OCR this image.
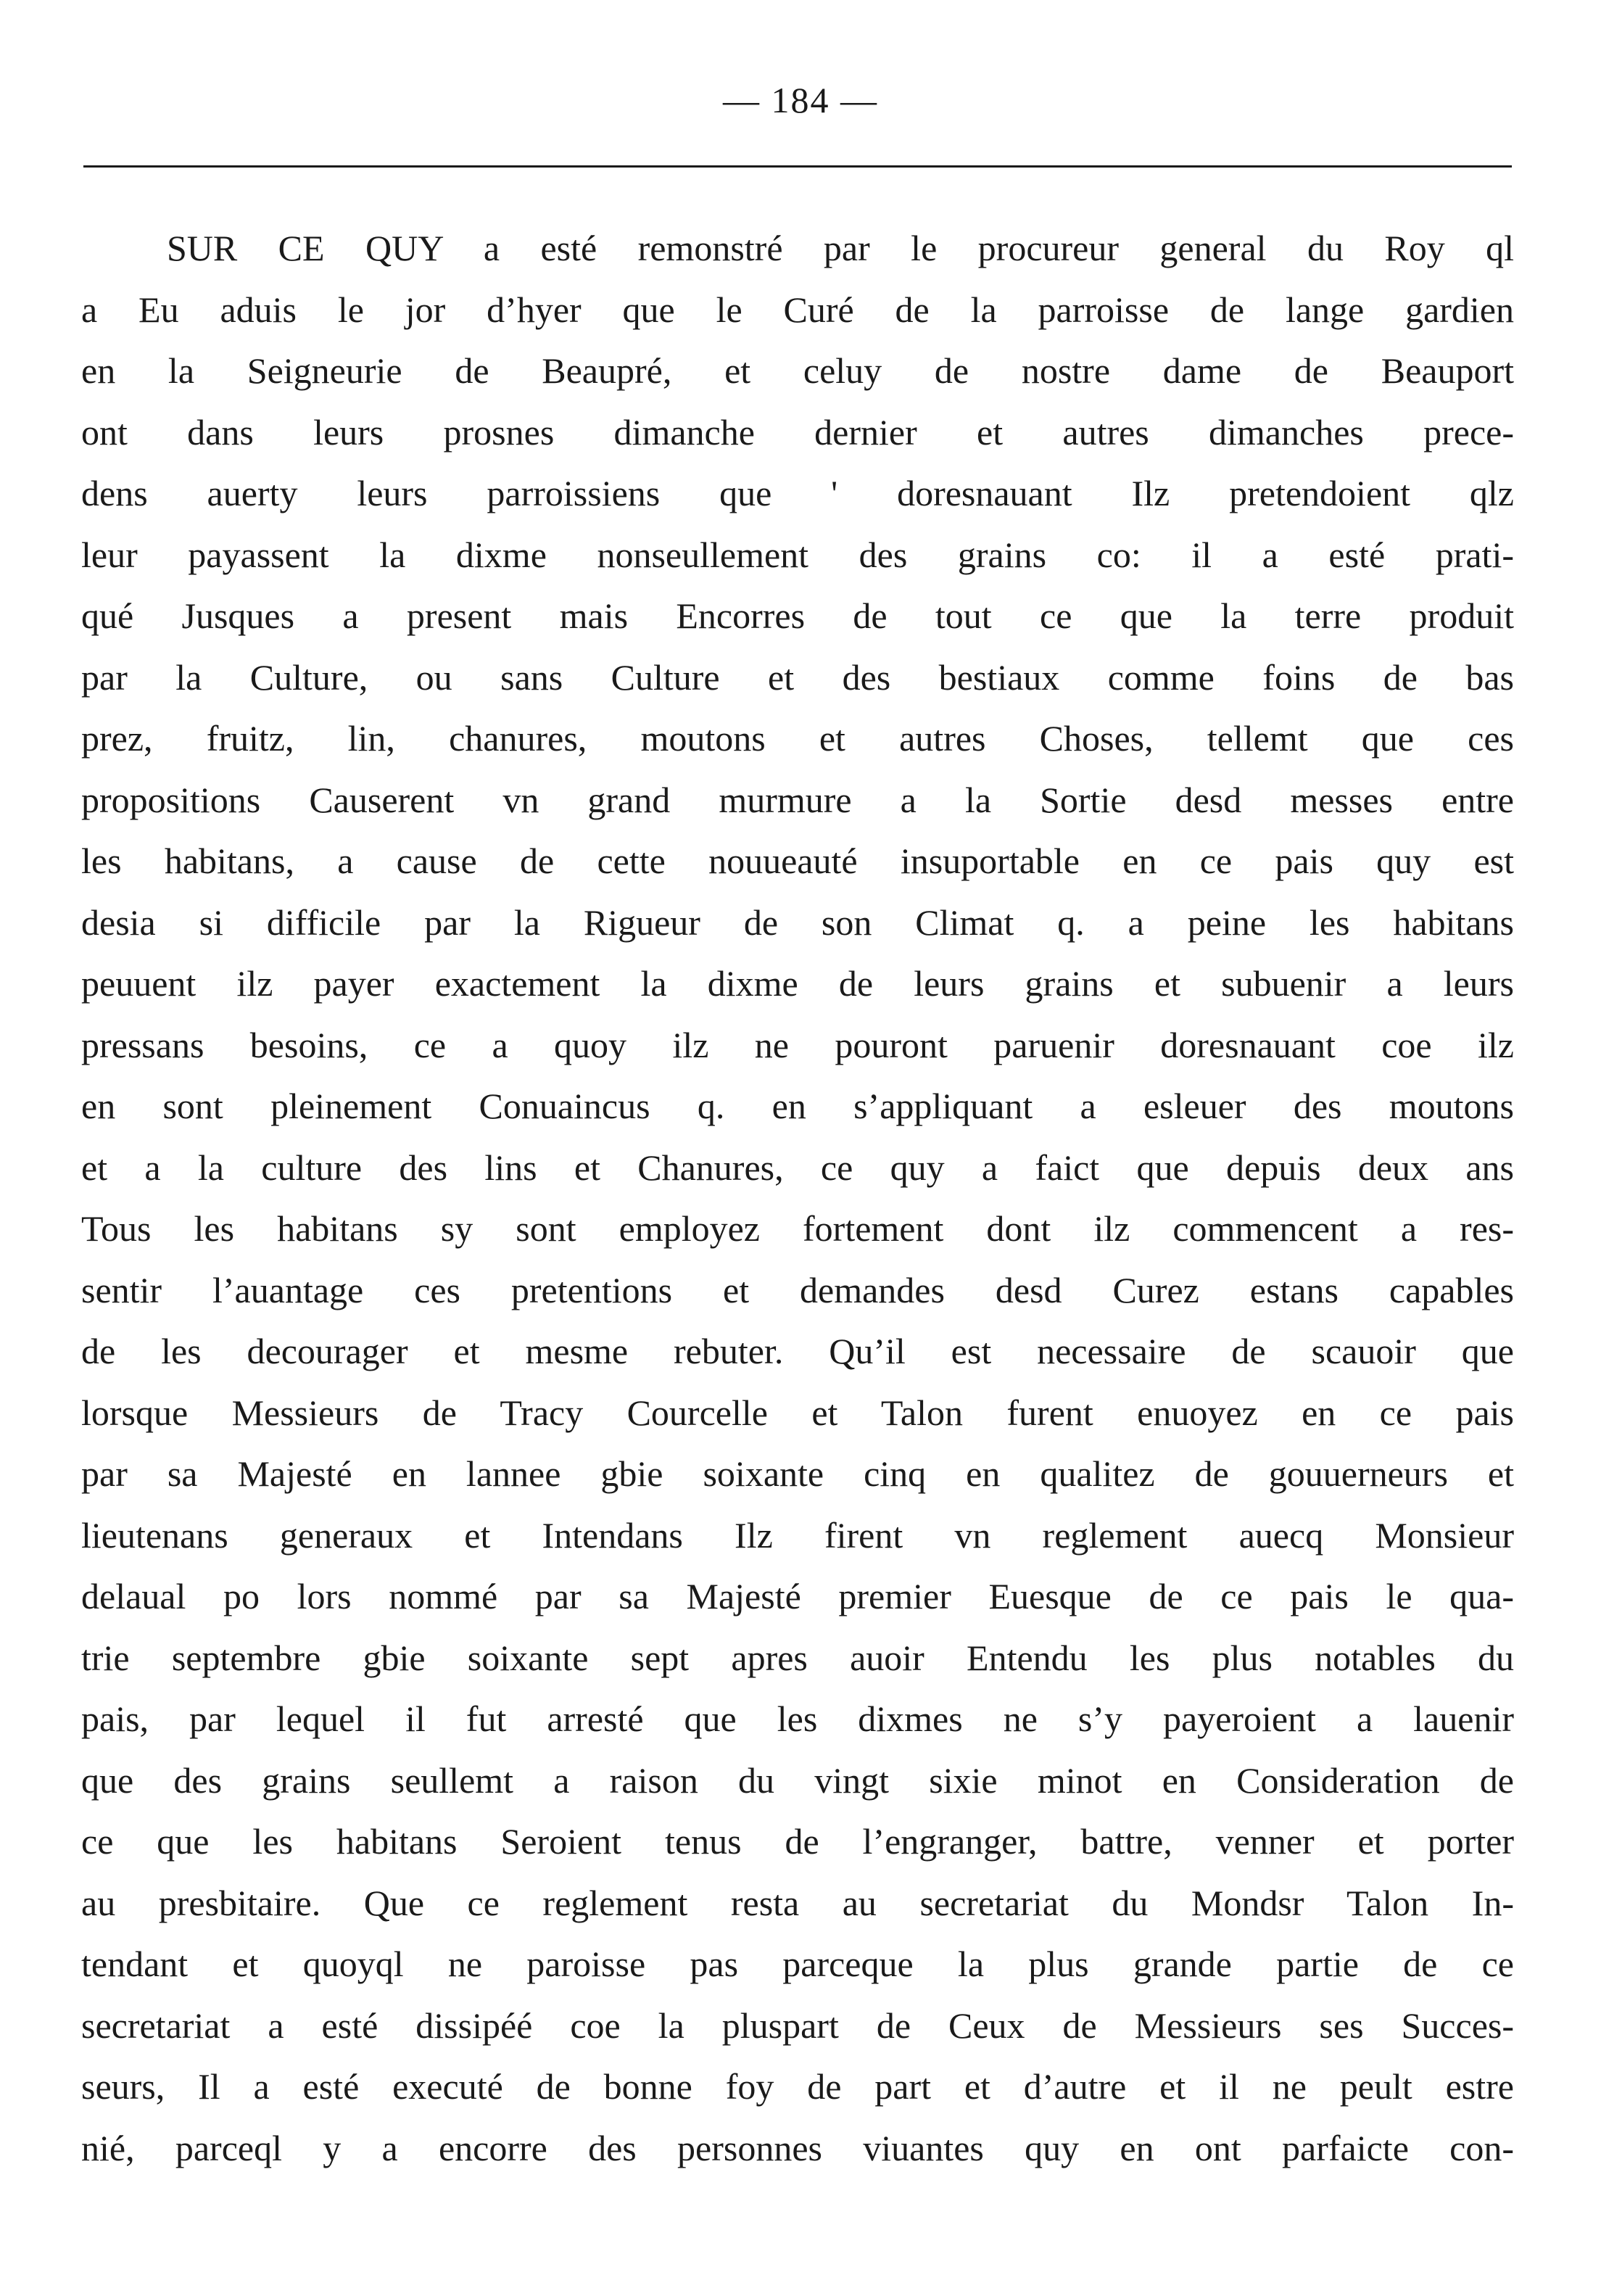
— 184 —
SUR CE QUY a esté remonstré par le procureur general du Roy ql
a Eu aduis le jor d’hyer que le Curé de la parroisse de lange gardien
en la Seigneurie de Beaupré, et celuy de nostre dame de Beauport
ont dans leurs prosnes dimanche dernier et autres dimanches prece-
dens auerty leurs parroissiens que ' doresnauant Ilz pretendoient qlz
leur payassent la dixme nonseullement des grains co: il a esté prati-
qué Jusques a present mais Encorres de tout ce que la terre produit
par la Culture, ou sans Culture et des bestiaux comme foins de bas
prez, fruitz, lin, chanures, moutons et autres Choses, tellemt que ces
propositions Causerent vn grand murmure a la Sortie desd messes entre
les habitans, a cause de cette nouueauté insuportable en ce pais quy est
desia si difficile par la Rigueur de son Climat q. a peine les habitans
peuuent ilz payer exactement la dixme de leurs grains et subuenir a leurs
pressans besoins, ce a quoy ilz ne pouront paruenir doresnauant coe ilz
en sont pleinement Conuaincus q. en s’appliquant a esleuer des moutons
et a la culture des lins et Chanures, ce quy a faict que depuis deux ans
Tous les habitans sy sont employez fortement dont ilz commencent a res-
sentir l’auantage ces pretentions et demandes desd Curez estans capables
de les decourager et mesme rebuter. Qu’il est necessaire de scauoir que
lorsque Messieurs de Tracy Courcelle et Talon furent enuoyez en ce pais
par sa Majesté en lannee gbie soixante cinq en qualitez de gouuerneurs et
lieutenans generaux et Intendans Ilz firent vn reglement auecq Monsieur
delaual po lors nommé par sa Majesté premier Euesque de ce pais le qua-
trie septembre gbie soixante sept apres auoir Entendu les plus notables du
pais, par lequel il fut arresté que les dixmes ne s’y payeroient a lauenir
que des grains seullemt a raison du vingt sixie minot en Consideration de
ce que les habitans Seroient tenus de l’engranger, battre, venner et porter
au presbitaire. Que ce reglement resta au secretariat du Mondsr Talon In-
tendant et quoyql ne paroisse pas parceque la plus grande partie de ce
secretariat a esté dissipéé coe la pluspart de Ceux de Messieurs ses Succes-
seurs, Il a esté executé de bonne foy de part et d’autre et il ne peult estre
nié, parceql y a encorre des personnes viuantes quy en ont parfaicte con-
